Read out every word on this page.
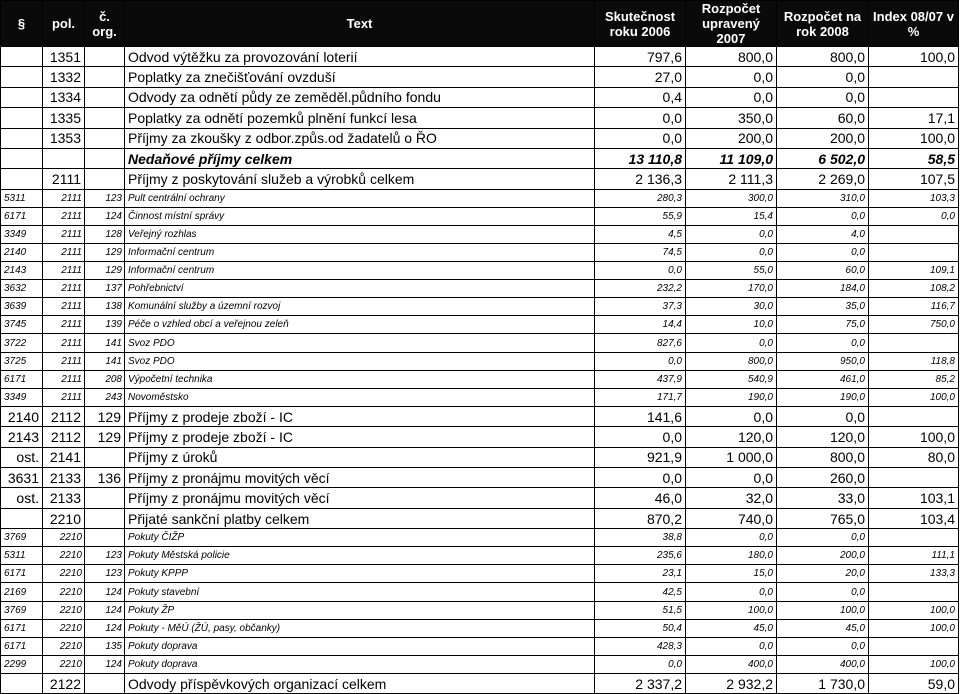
§	pol.	č. org.	Text	Skutečnost roku 2006	Rozpočet upravený 2007	Rozpočet na rok 2008	Index 08/07 v %
	1351		Odvod výtěžku za provozování loterií	797,6	800,0	800,0	100,0
	1332		Poplatky za znečišťování ovzduší	27,0	0,0	0,0	
	1334		Odvody za odnětí půdy ze zeměděl.půdního fondu	0,4	0,0	0,0	
	1335		Poplatky za odnětí pozemků plnění funkcí lesa	0,0	350,0	60,0	17,1
	1353		Příjmy za zkoušky z odbor.způs.od žadatelů o ŘO	0,0	200,0	200,0	100,0
			Nedaňové příjmy celkem	13 110,8	11 109,0	6 502,0	58,5
	2111		Příjmy z poskytování služeb a výrobků celkem	2 136,3	2 111,3	2 269,0	107,5
5311	2111	123	Pult centrální ochrany	280,3	300,0	310,0	103,3
6171	2111	124	Činnost místní správy	55,9	15,4	0,0	0,0
3349	2111	128	Veřejný rozhlas	4,5	0,0	4,0	
2140	2111	129	Informační centrum	74,5	0,0	0,0	
2143	2111	129	Informační centrum	0,0	55,0	60,0	109,1
3632	2111	137	Pohřebnictví	232,2	170,0	184,0	108,2
3639	2111	138	Komunální služby a územní rozvoj	37,3	30,0	35,0	116,7
3745	2111	139	Péče o vzhled obcí a veřejnou zeleň	14,4	10,0	75,0	750,0
3722	2111	141	Svoz PDO	827,6	0,0	0,0	
3725	2111	141	Svoz PDO	0,0	800,0	950,0	118,8
6171	2111	208	Výpočetní technika	437,9	540,9	461,0	85,2
3349	2111	243	Novoměstsko	171,7	190,0	190,0	100,0
2140	2112	129	Příjmy z prodeje zboží - IC	141,6	0,0	0,0	
2143	2112	129	Příjmy z prodeje zboží - IC	0,0	120,0	120,0	100,0
ost.	2141		Příjmy z úroků	921,9	1 000,0	800,0	80,0
3631	2133	136	Příjmy z pronájmu movitých věcí	0,0	0,0	260,0	
ost.	2133		Příjmy z pronájmu movitých věcí	46,0	32,0	33,0	103,1
	2210		Přijaté sankční platby celkem	870,2	740,0	765,0	103,4
3769	2210		Pokuty ČIŽP	38,8	0,0	0,0	
5311	2210	123	Pokuty Městská policie	235,6	180,0	200,0	111,1
6171	2210	123	Pokuty KPPP	23,1	15,0	20,0	133,3
2169	2210	124	Pokuty stavební	42,5	0,0	0,0	
3769	2210	124	Pokuty ŽP	51,5	100,0	100,0	100,0
6171	2210	124	Pokuty - MěÚ (ŽÚ, pasy, občanky)	50,4	45,0	45,0	100,0
6171	2210	135	Pokuty doprava	428,3	0,0	0,0	
2299	2210	124	Pokuty doprava	0,0	400,0	400,0	100,0
	2122		Odvody příspěvkových organizací celkem	2 337,2	2 932,2	1 730,0	59,0
